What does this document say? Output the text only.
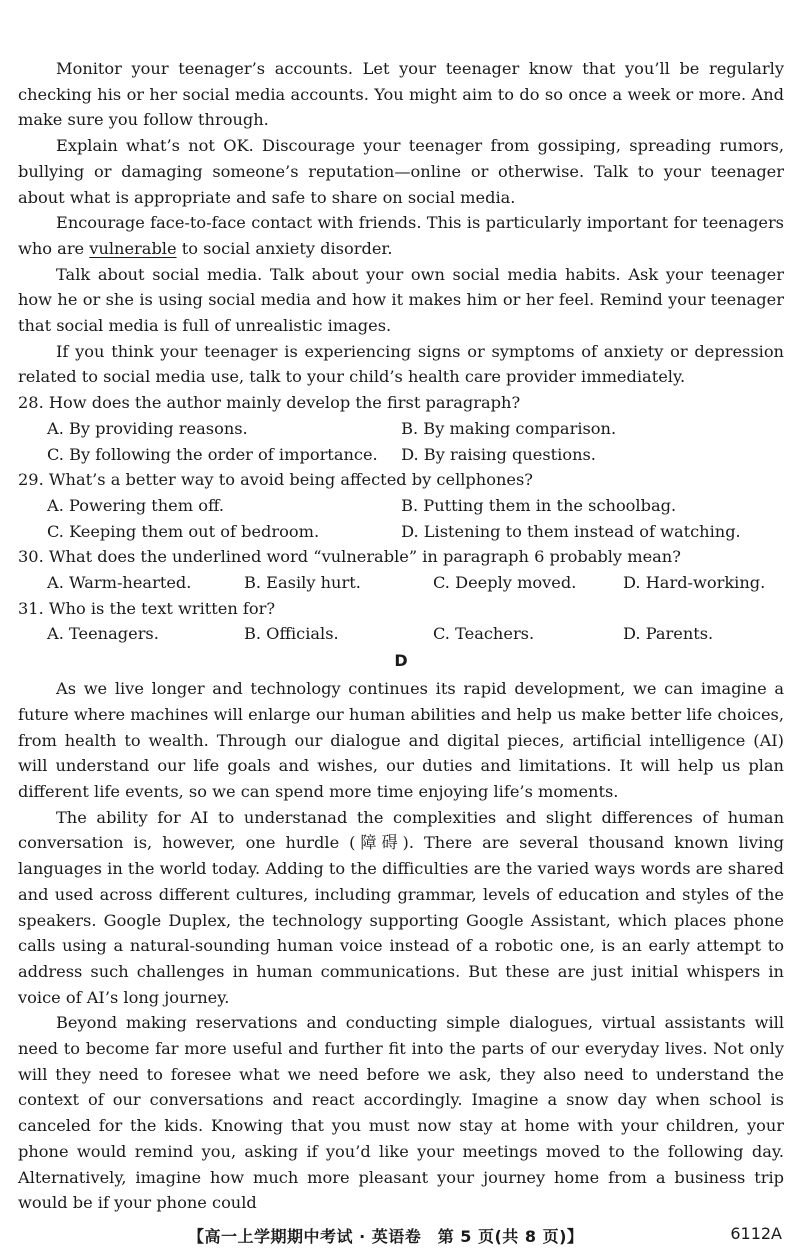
Monitor your teenager’s accounts. Let your teenager know that you’ll be regularly checking his or her social media accounts. You might aim to do so once a week or more. And make sure you follow through.

Explain what’s not OK. Discourage your teenager from gossiping, spreading rumors, bullying or damaging someone’s reputation—online or otherwise. Talk to your teenager about what is appropriate and safe to share on social media.

Encourage face-to-face contact with friends. This is particularly important for teenagers who are vulnerable to social anxiety disorder.

Talk about social media. Talk about your own social media habits. Ask your teenager how he or she is using social media and how it makes him or her feel. Remind your teenager that social media is full of unrealistic images.

If you think your teenager is experiencing signs or symptoms of anxiety or depression related to social media use, talk to your child’s health care provider immediately.

28. How does the author mainly develop the first paragraph?

A. By providing reasons.	B. By making comparison.
C. By following the order of importance.	D. By raising questions.

29. What’s a better way to avoid being affected by cellphones?

A. Powering them off.	B. Putting them in the schoolbag.
C. Keeping them out of bedroom.	D. Listening to them instead of watching.

30. What does the underlined word “vulnerable” in paragraph 6 probably mean?

A. Warm-hearted.	B. Easily hurt.	C. Deeply moved.	D. Hard-working.

31. Who is the text written for?

A. Teenagers.	B. Officials.	C. Teachers.	D. Parents.
D

As we live longer and technology continues its rapid development, we can imagine a future where machines will enlarge our human abilities and help us make better life choices, from health to wealth. Through our dialogue and digital pieces, artificial intelligence (AI) will understand our life goals and wishes, our duties and limitations. It will help us plan different life events, so we can spend more time enjoying life’s moments.

The ability for AI to understanad the complexities and slight differences of human conversation is, however, one hurdle (障碍). There are several thousand known living languages in the world today. Adding to the difficulties are the varied ways words are shared and used across different cultures, including grammar, levels of education and styles of the speakers. Google Duplex, the technology supporting Google Assistant, which places phone calls using a natural-sounding human voice instead of a robotic one, is an early attempt to address such challenges in human communications. But these are just initial whispers in voice of AI’s long journey.

Beyond making reservations and conducting simple dialogues, virtual assistants will need to become far more useful and further fit into the parts of our everyday lives. Not only will they need to foresee what we need before we ask, they also need to understand the context of our conversations and react accordingly. Imagine a snow day when school is canceled for the kids. Knowing that you must now stay at home with your children, your phone would remind you, asking if you’d like your meetings moved to the following day. Alternatively, imagine how much more pleasant your journey home from a business trip would be if your phone could

【高一上学期期中考试 · 英语卷　第 5 页(共 8 页)】	6112A
